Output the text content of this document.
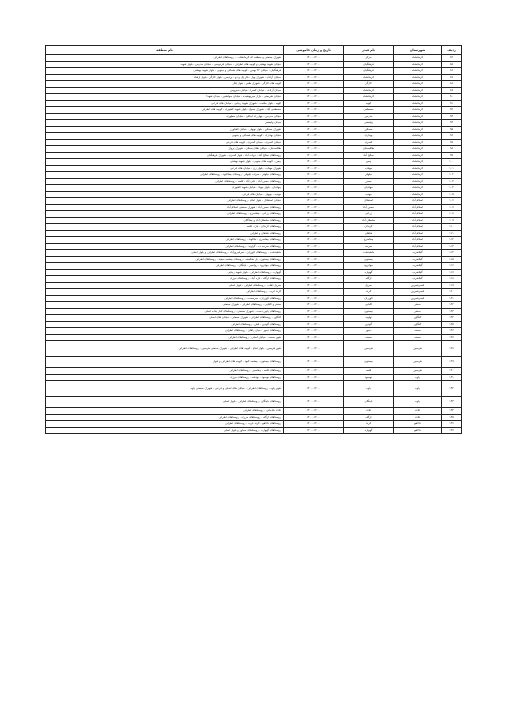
ردیف	شهرستان	نام فیدر	تاریخ و زمان خاموشی	نام منطقه
۸۴	کرمانشاه	مرکز	۱۴۰۰-۱۲:۰۰	شهرک صنعتی و منطقه ای کرمانشاه - ، روستاهای اطراف
۸۵	کرمانشاه	فرهنگیان	۱۴۰۰-۱۲:۰۰	خیابان شهید بهشتی و کوچه های اطراف - خیابان فردوسی - خیابان مدرس - بلوار شهید
۸۶	کرمانشاه	فرهنگیان	۱۴۰۰-۱۲:۰۰	فرهنگیان ، خیابان ۲۲ بهمن ، کوچه های شمالی و جنوبی ، بلوار شهید بهشتی
۸۷	کرمانشاه	کرمانشاه	۱۴۰۰-۱۲:۰۰	خیابان آزادی ، شهرک بهار ، فاز یک و دو ، پردیس ، بلوار کارگر ، بلوار ارشاد
۸۸	کرمانشاه	کارگر	۱۴۰۰-۱۲:۰۰	کوچه های کارگر ، شهرک ظفر ، بلوار ایثار
۸۹	کرمانشاه	کرمانشاه	۱۴۰۰-۱۲:۰۰	میدان آزادی ، خیابان کسرا ، خیابان سیروس
۹۰	کرمانشاه	کرمانشاه	۱۴۰۰-۱۲:۰۰	خیابان شریعتی ، بازار سرپوشیده ، خیابان جوانشیر ، میدان شهدا
۹۱	کرمانشاه	الهیه	۱۴۰۰-۱۲:۰۰	الهیه ، بلوار حکمت ، شهرک شهید رجایی ، خیابان های فرعی
۹۲	کرمانشاه	مصطفی	۱۴۰۰-۱۲:۰۰	مصطفی آباد ، شهرک بسیج ، بلوار شهید کشوری ، کوچه های اطراف
۹۳	کرمانشاه	مدرس	۱۴۰۰-۱۲:۰۰	خیابان مدرس ، چهارراه اجاقی ، خیابان مطهری
۹۴	کرمانشاه	ولیعصر	۱۴۰۰-۱۲:۰۰	میدان ولیعصر
۹۵	کرمانشاه	مسکن	۱۴۰۰-۱۲:۰۰	شهرک مسکن ، بلوار نوبهار ، خیابان کشاورز
۹۶	کرمانشاه	بهداری	۱۴۰۰-۱۲:۰۰	خیابان بهداری ، کوچه های شمالی و جنوبی
۹۷	کرمانشاه	کسری	۱۴۰۰-۱۲:۰۰	خیابان کسری ، میدان کسری ، کوچه های فرعی
۹۸	کرمانشاه	طاقبستان	۱۴۰۰-۱۲:۰۰	طاقبستان ، خیابان طاق بستان ، شهرک پرواز
۹۹	کرمانشاه	صالح آباد	۱۴۰۰-۱۲:۰۰	روستاهای صالح آباد ، دولت آباد ، بلوار کسری ، شهرک فرهنگیان
۱۰۰	کرمانشاه	چمن	۱۴۰۰-۱۲:۰۰	چمن ، کوچه های جنوبی ، بلوار شهید بهشتی
۱۰۱	کرمانشاه	مهتاب	۱۴۰۰-۱۲:۰۰	شهرک مهتاب ، بلوار زن ، خیابان های فرعی
۱۰۲	کرمانشاه	نیلوفر	۱۴۰۰-۱۲:۰۰	روستاهای نیلوفر ، سراب نیلوفر ، روستای چقاکبود ، روستاهای اطراف
۱۰۳	کرمانشاه	حسن	۱۴۰۰-۱۲:۰۰	روستاهای حسن آباد ، علی آباد ، قلعه ، روستاهای اطراف
۱۰۴	کرمانشاه	جهادیان	۱۴۰۰-۱۲:۰۰	جهادیان ، بلوار جهاد ، خیابان شهید کشوری
۱۰۵	کرمانشاه	مهدیه	۱۴۰۰-۱۲:۰۰	مهدیه ، نوبهار ، خیابان های فرعی
۱۰۶	اسلام آباد	استقلال	۱۴۰۰-۱۲:۰۰	خیابان استقلال ، بلوار امام ، روستاهای اطراف
۱۰۷	اسلام آباد	حسن آباد	۱۴۰۰-۱۲:۰۰	روستاهای حسن آباد ، شهرک صنعتی اسلام آباد
۱۰۸	اسلام آباد	زرانی	۱۴۰۰-۱۲:۰۰	روستاهای زرانی ، چقاسرخ ، روستاهای اطراف
۱۰۹	اسلام آباد	سلطان آباد	۱۴۰۰-۱۲:۰۰	روستاهای سلطان آباد و چقاگلان
۱۱۰	اسلام آباد	کرندان	۱۴۰۰-۱۲:۰۰	روستاهای کرندان ، بان ، قلعه
۱۱۱	اسلام آباد	شاهان	۱۴۰۰-۱۲:۰۰	روستاهای شاهان و اطراف
۱۱۲	اسلام آباد	چغاسرخ	۱۴۰۰-۱۲:۰۰	روستاهای چغاسرخ ، جلالوند ، روستاهای اطراف
۱۱۳	اسلام آباد	سرخه	۱۴۰۰-۱۲:۰۰	روستاهای سرخه ده ، گراوند ، روستاهای اطراف
۱۱۴	گیلانغرب	ماهیدشت	۱۴۰۰-۱۲:۰۰	ماهیدشت ، روستاهای کوزران ، سرفیروزآباد ، روستاهای اطراف و بلوار اصلی
۱۱۵	گیلانغرب	بیستون	۱۴۰۰-۱۲:۰۰	روستاهای بیستون ، پل شکسته ، روستای چشمه سفید ، روستاهای اطراف
۱۱۶	گیلانغرب	جوانرود	۱۴۰۰-۱۲:۰۰	روستاهای جوانرود ، روانسر ، باینگان ، روستاهای اطراف
۱۱۷	گیلانغرب	گهواره	۱۴۰۰-۱۲:۰۰	گهواره ، روستاهای اطراف ، بلوار شهید رجایی
۱۱۸	گیلانغرب	ازگله	۱۴۰۰-۱۲:۰۰	روستاهای ازگله ، تازه آباد ، روستاهای مرزی
۱۱۹	قصرشیرین	سرپل	۱۴۰۰-۱۲:۰۰	سرپل ذهاب ، روستاهای اطراف ، بلوار اصلی
۱۲۰	قصرشیرین	کرند	۱۴۰۰-۱۲:۰۰	کرند غرب ، روستاهای اطراف
۱۲۱	قصرشیرین	کوزران	۱۴۰۰-۱۲:۰۰	روستاهای کوزران ، سرمست ، روستاهای اطراف
۱۲۲	سنقر	کلیایی	۱۴۰۰-۱۲:۰۰	سنقر و کلیایی ، روستاهای اطراف ، شهرک صنعتی
۱۲۳	سنقر	بیستون	۱۴۰۰-۱۲:۰۰	روستاهای پایین دست ، شهرک صنعتی ، روستاهای کنار جاده اصلی
۱۲۴	کنگاور	نهاوند	۱۴۰۰-۱۲:۰۰	کنگاور ، روستاهای اطراف ، شهرک صنعتی ، خیابان های اصلی
۱۲۵	کنگاور	گودین	۱۴۰۰-۱۲:۰۰	روستاهای گودین ، فش ، روستاهای اطراف
۱۲۶	صحنه	دینور	۱۴۰۰-۱۲:۰۰	روستاهای دینور ، میان راهان ، روستاهای اطراف
۱۲۷	صحنه	صحنه	۱۴۰۰-۱۲:۰۰	شهر صحنه ، خیابان اصلی ، روستاهای اطراف
۱۲۸	هرسین	هرسین	۱۴۰۰-۱۲:۰۰	شهر هرسین ، بلوار امام ، کوچه های اطراف ، شهرک صنعتی هرسین ، روستاهای اطراف
۱۲۹	هرسین	بیستون	۱۴۰۰-۱۲:۰۰	روستاهای بیستون ، چشمه کبود ، کوچه های اطراف و بلوار
۱۳۰	هرسین	قلعه	۱۴۰۰-۱۲:۰۰	روستاهای قلعه ، چقاسبز ، روستاهای اطراف
۱۳۱	پاوه	نوسود	۱۴۰۰-۱۲:۰۰	روستاهای نوسود ، نودشه ، روستاهای مرزی
۱۳۲	پاوه	پاوه	۱۴۰۰-۱۲:۰۰	شهر پاوه ، روستاهای اطراف ، خیابان های اصلی و فرعی ، شهرک صنعتی پاوه
۱۳۳	پاوه	باینگان	۱۴۰۰-۱۲:۰۰	روستاهای باینگان ، روستاهای اطراف ، بلوار اصلی
۱۳۴	ثلاث	ثلاث	۱۴۰۰-۱۲:۰۰	ثلاث باباجانی ، روستاهای اطراف
۱۳۵	ثلاث	ازگله	۱۴۰۰-۱۲:۰۰	روستاهای ازگله ، روستاهای مرزی ، روستاهای اطراف
۱۳۶	دالاهو	کرند	۱۴۰۰-۱۲:۰۰	روستاهای دالاهو ، کرند غرب ، روستاهای اطراف
۱۳۷	دالاهو	گهواره	۱۴۰۰-۱۲:۰۰	روستاهای گهواره ، روستاهای مجاور و بلوار اصلی
